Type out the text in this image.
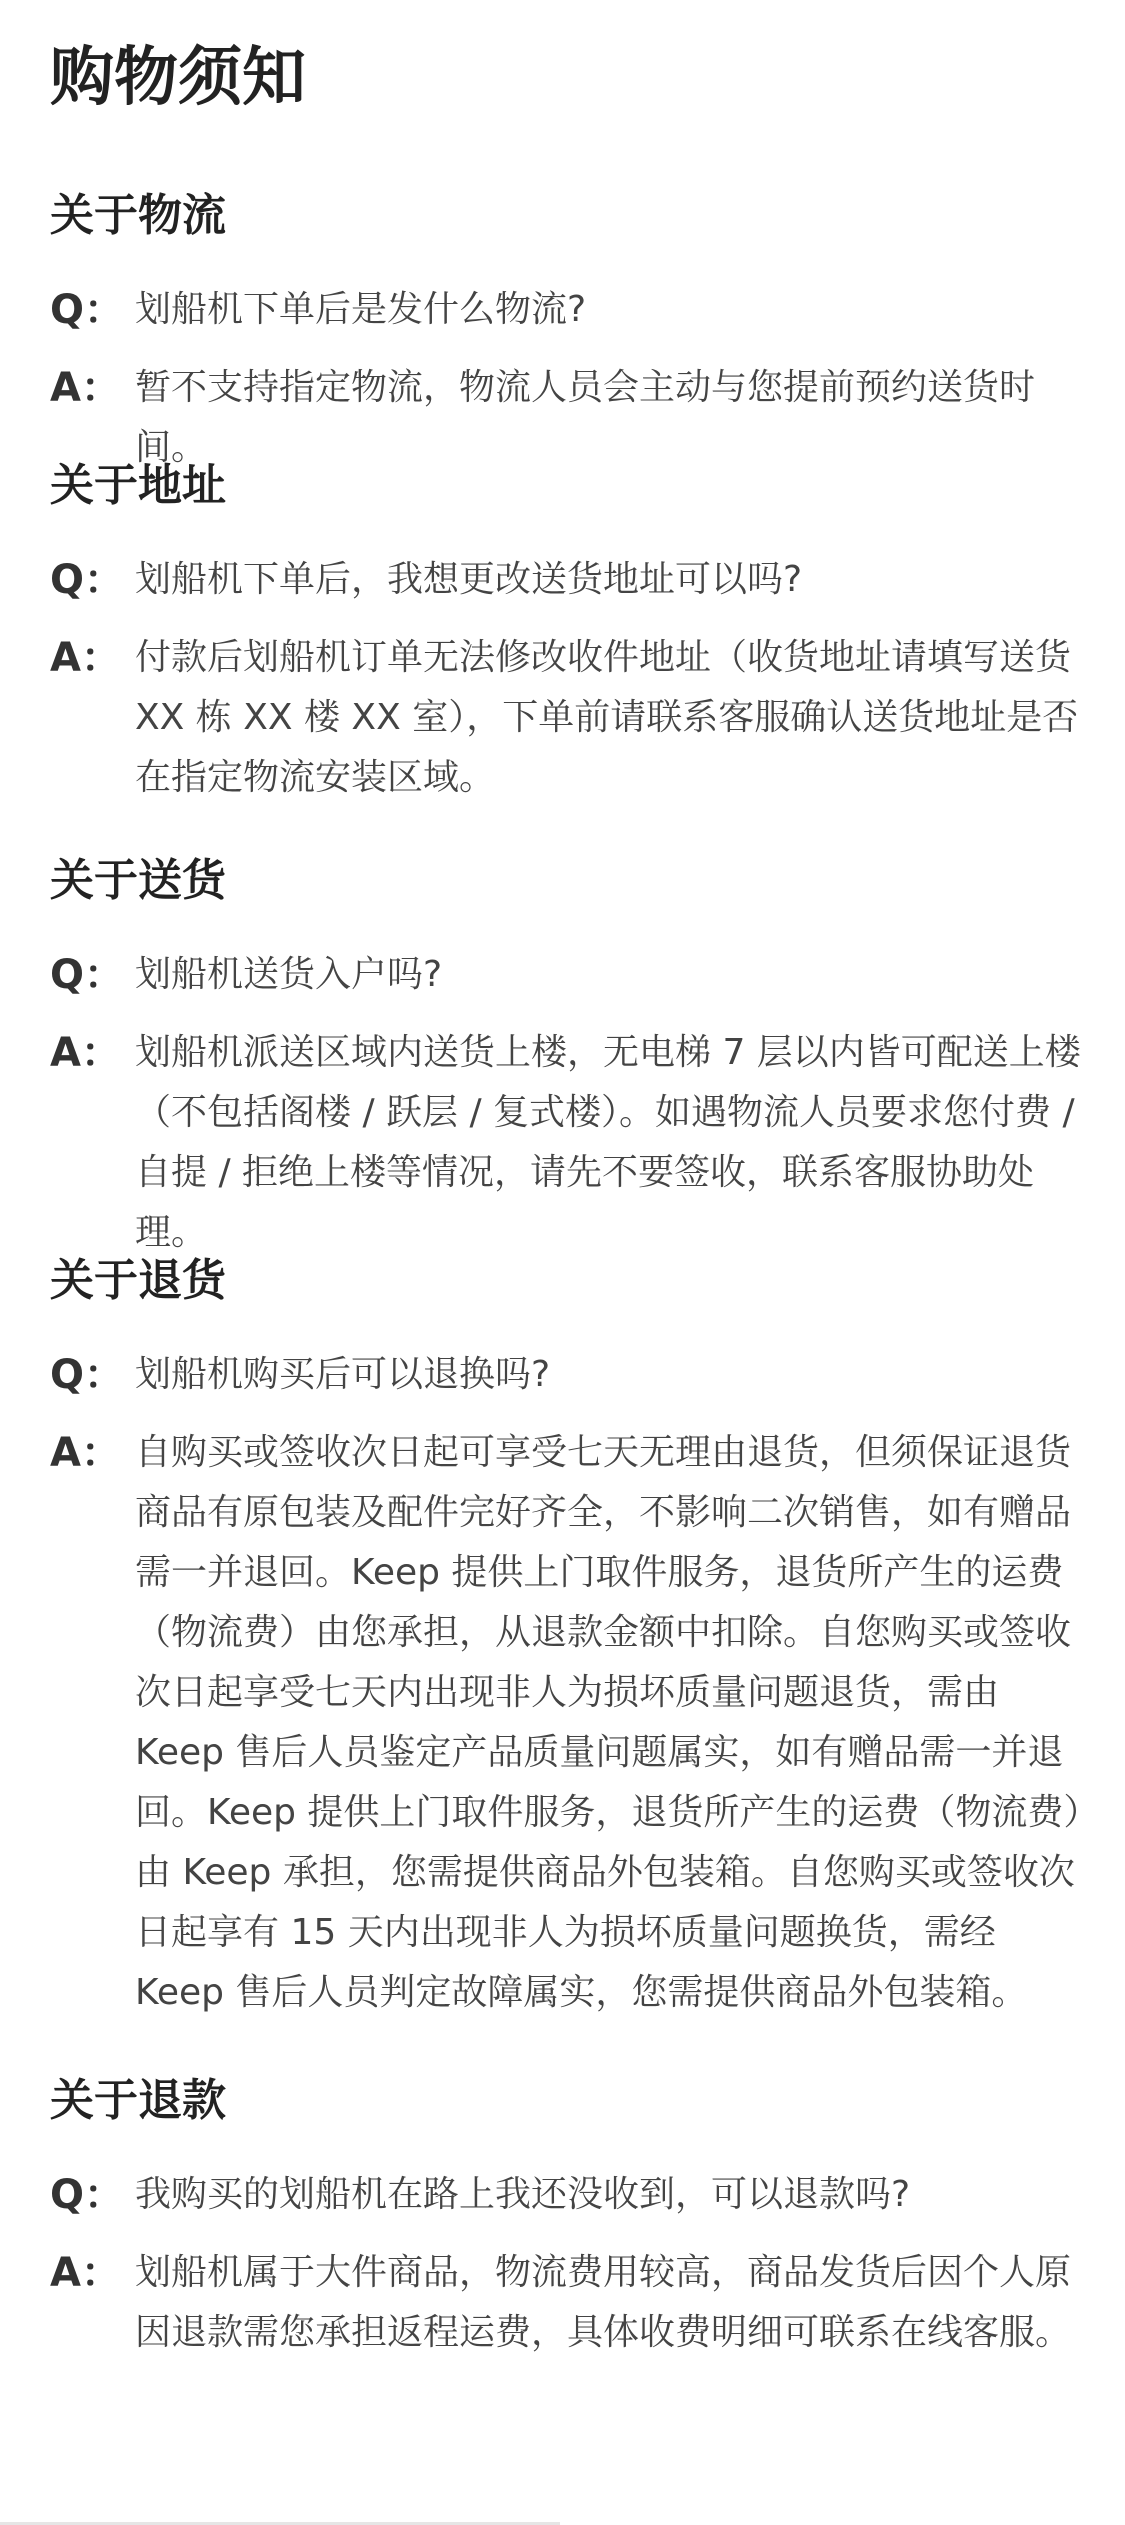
购物须知
关于物流
Q： 划船机下单后是发什么物流?

A： 暂不支持指定物流，物流人员会主动与您提前预约送货时间。

关于地址
Q： 划船机下单后，我想更改送货地址可以吗?

A： 付款后划船机订单无法修改收件地址（收货地址请填写送货 XX 栋 XX 楼 XX 室），下单前请联系客服确认送货地址是否在指定物流安装区域。

关于送货
Q： 划船机送货入户吗?

A： 划船机派送区域内送货上楼，无电梯 7 层以内皆可配送上楼（不包括阁楼 / 跃层 / 复式楼）。如遇物流人员要求您付费 / 自提 / 拒绝上楼等情况，请先不要签收，联系客服协助处理。

关于退货
Q： 划船机购买后可以退换吗?

A： 自购买或签收次日起可享受七天无理由退货，但须保证退货商品有原包装及配件完好齐全，不影响二次销售，如有赠品需一并退回。Keep 提供上门取件服务，退货所产生的运费（物流费）由您承担，从退款金额中扣除。自您购买或签收次日起享受七天内出现非人为损坏质量问题退货，需由 Keep 售后人员鉴定产品质量问题属实，如有赠品需一并退回。Keep 提供上门取件服务，退货所产生的运费（物流费）由 Keep 承担，您需提供商品外包装箱。自您购买或签收次日起享有 15 天内出现非人为损坏质量问题换货，需经 Keep 售后人员判定故障属实，您需提供商品外包装箱。

关于退款
Q： 我购买的划船机在路上我还没收到，可以退款吗?

A： 划船机属于大件商品，物流费用较高，商品发货后因个人原因退款需您承担返程运费，具体收费明细可联系在线客服。
